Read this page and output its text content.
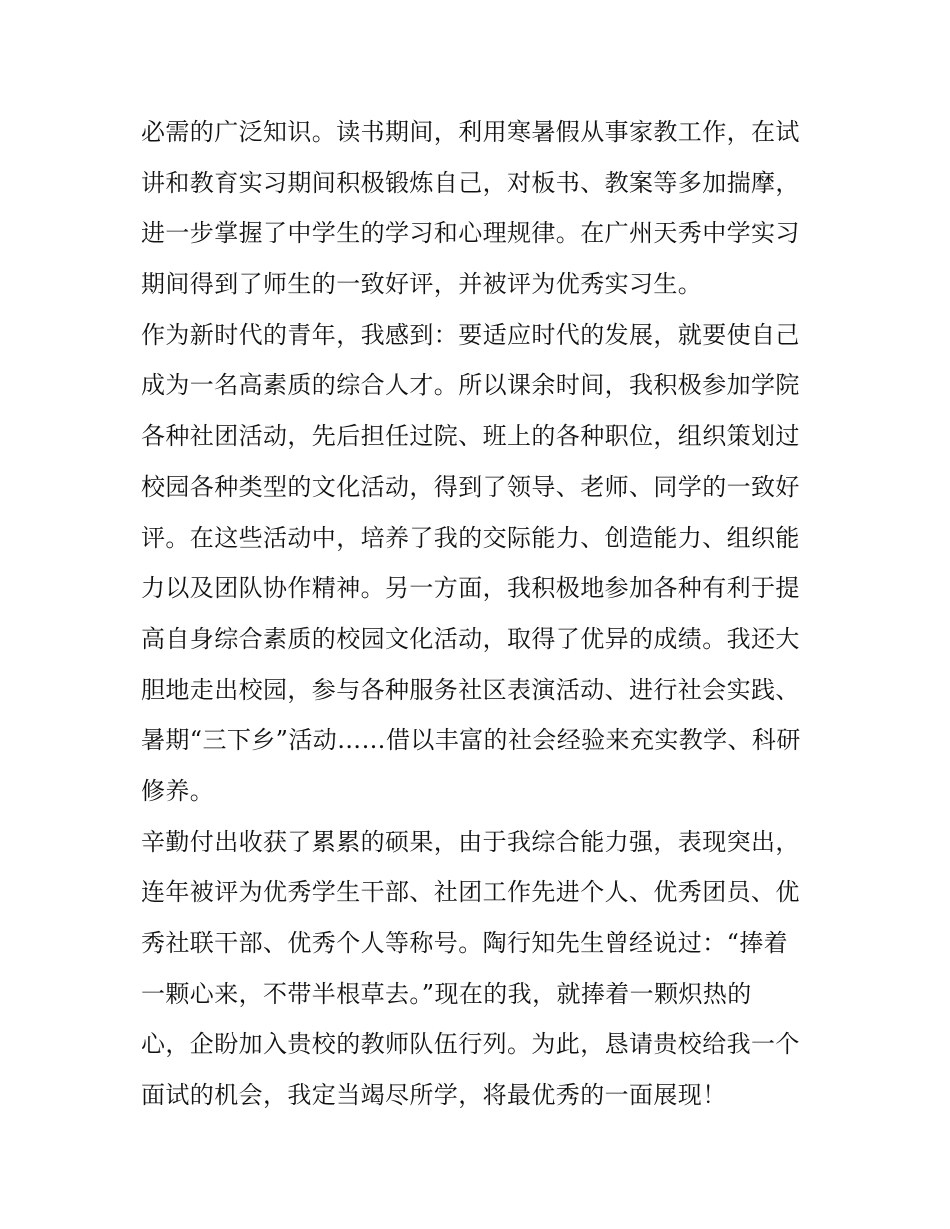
必需的广泛知识。读书期间，利用寒暑假从事家教工作，在试
讲和教育实习期间积极锻炼自己，对板书、教案等多加揣摩，
进一步掌握了中学生的学习和心理规律。在广州天秀中学实习
期间得到了师生的一致好评，并被评为优秀实习生。
作为新时代的青年，我感到：要适应时代的发展，就要使自己
成为一名高素质的综合人才。所以课余时间，我积极参加学院
各种社团活动，先后担任过院、班上的各种职位，组织策划过
校园各种类型的文化活动，得到了领导、老师、同学的一致好
评。在这些活动中，培养了我的交际能力、创造能力、组织能
力以及团队协作精神。另一方面，我积极地参加各种有利于提
高自身综合素质的校园文化活动，取得了优异的成绩。我还大
胆地走出校园，参与各种服务社区表演活动、进行社会实践、
暑期“三下乡”活动……借以丰富的社会经验来充实教学、科研
修养。
辛勤付出收获了累累的硕果，由于我综合能力强，表现突出，
连年被评为优秀学生干部、社团工作先进个人、优秀团员、优
秀社联干部、优秀个人等称号。陶行知先生曾经说过：“捧着
一颗心来，不带半根草去。”现在的我，就捧着一颗炽热的
心，企盼加入贵校的教师队伍行列。为此，恳请贵校给我一个
面试的机会，我定当竭尽所学，将最优秀的一面展现！
